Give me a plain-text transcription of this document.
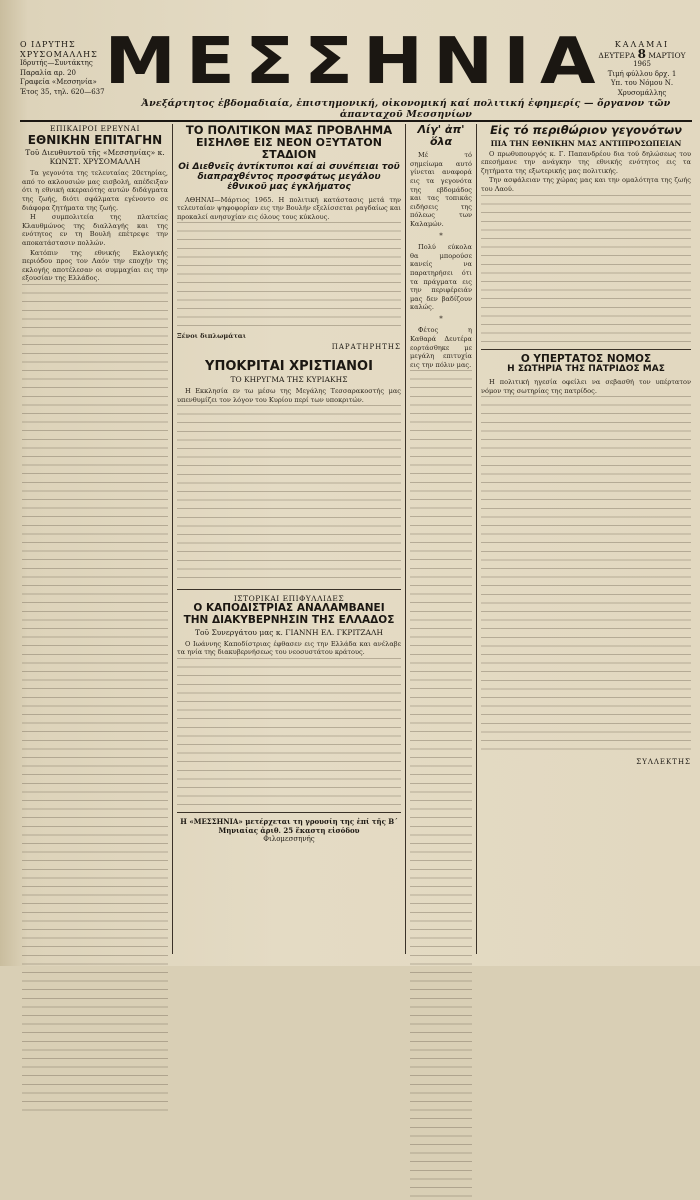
Ο ΙΔΡΥΤΗΣ
ΧΡΥΣΟΜΑΛΛΗΣ
Ιδρυτής—Συντάκτης
Παραλία αρ. 20
Γραφεία «Μεσσηνία»
Έτος 35, τηλ. 620—637 ΜΕΣΣΗΝΙΑ	ΚΑΛΑΜΑΙ
ΔΕΥΤΕΡΑ 8 ΜΑΡΤΙΟΥ
1965
Τιμή φύλλου δρχ. 1
Υπ. του Νόμου Ν. Χρυσομάλλης
Ἀνεξάρτητος ἑβδομαδιαία, ἐπιστημονική, οἰκονομική καί πολιτική ἐφημερίς — ὄργανον τῶν ἁπανταχοῦ Μεσσηνίων
ΕΠΙΚΑΙΡΟΙ ΕΡΕΥΝΑΙ
ΕΘΝΙΚΗΝ ΕΠΙΤΑΓΗΝ
Τοῦ Διευθυντοῦ τῆς «Μεσσηνίας» κ. ΚΩΝΣΤ. ΧΡΥΣΟΜΑΛΛΗ

Τα γεγονότα της τελευταίας 20ετηρίας, από το ακλουσιών μας εισβολή, απέδειξαν ότι η εθνική ακεραιότης αυτών διδάγματα της ζωής, διότι σφάλματα εγένοντο σε διάφορα ζητήματα της ζωής.

Η συμπολιτεία της πλατείας Κλαυθμώνος της διαλλαγής και της ενότητος εν τη Βουλή επέτρεψε την αποκατάστασιν πολλών.

Κατόπιν της εθνικής Εκλογικής περιόδου προς τον Λαόν την εποχήν της εκλογής αποτέλεσαν οι συμμαχίαι εις την εξουσίαν της Ελλάδος.

ΤΟ ΠΟΛΙΤΙΚΟΝ ΜΑΣ ΠΡΟΒΛΗΜΑ
ΕΙΣΗΛΘΕ ΕΙΣ ΝΕΟΝ ΟΞΥΤΑΤΟΝ ΣΤΑΔΙΟΝ
Οἱ Διεθνεῖς ἀντίκτυποι καί αἱ συνέπειαι τοῦ διαπραχθέντος προσφάτως μεγάλου ἐθνικοῦ μας ἐγκλήματος

ΑΘΗΝΑΙ—Μάρτιος 1965. Η πολιτική κατάστασις μετά την τελευταίαν ψηφοφορίαν εις την Βουλήν εξελίσσεται ραγδαίως και προκαλεί ανησυχίαν εις όλους τους κύκλους.

Ξένοι διπλωμάται
ΠΑΡΑΤΗΡΗΤΗΣ
ΥΠΟΚΡΙΤΑΙ ΧΡΙΣΤΙΑΝΟΙ
ΤΟ ΚΗΡΥΓΜΑ ΤΗΣ ΚΥΡΙΑΚΗΣ

Η Εκκλησία εν τω μέσω της Μεγάλης Τεσσαρακοστής μας υπενθυμίζει τον λόγον του Κυρίου περί των υποκριτών.

ΙΣΤΟΡΙΚΑΙ ΕΠΙΦΥΛΛΙΔΕΣ
Ο ΚΑΠΟΔΙΣΤΡΙΑΣ ΑΝΑΛΑΜΒΑΝΕΙ
ΤΗΝ ΔΙΑΚΥΒΕΡΝΗΣΙΝ ΤΗΣ ΕΛΛΑΔΟΣ
Τοῦ Συνεργάτου μας κ. ΓΙΑΝΝΗ ΕΛ. ΓΚΡΙΤΖΑΛΗ

Ο Ιωάννης Καποδίστριας έφθασεν εις την Ελλάδα και ανέλαβε τα ηνία της διακυβερνήσεως του νεοσυστάτου κράτους.

Η «ΜΕΣΣΗΝΙΑ» μετέρχεται τη γρουσίη της ἐπί τῆς Β΄ Μηνιαίας ἀριθ. 25 ἕκαστη εἰσόδου
Φιλομεσσηνής
Λίγ' ἀπ' ὅλα

Μέ τό σημείωμα αυτό γίνεται αναφορά εις τα γεγονότα της εβδομάδος και τας τοπικάς ειδήσεις της πόλεως των Καλαμών.

*

Πολύ εύκολα θα μπορούσε κανείς να παρατηρήσει ότι τα πράγματα εις την περιφέρειάν μας δεν βαδίζουν καλώς.

*

Φέτος η Καθαρά Δευτέρα εορτάσθηκε με μεγάλη επιτυχία εις την πόλιν μας.

Εἰς τό περιθώριον γεγονότων
ΠΙΑ ΤΗΝ ΕΘΝΙΚΗΝ ΜΑΣ ΑΝΤΙΠΡΟΣΩΠΕΙΑΝ

Ο πρωθυπουργός κ. Γ. Παπανδρέου δια τού δηλώσεως του επεσήμανε την ανάγκην της εθνικής ενότητος εις τα ζητήματα της εξωτερικής μας πολιτικής.

Την ασφάλειαν της χώρας μας και την ομαλότητα της ζωής του Λαού.

Ο ΥΠΕΡΤΑΤΟΣ ΝΟΜΟΣ
Η ΣΩΤΗΡΙΑ ΤΗΣ ΠΑΤΡΙΔΟΣ ΜΑΣ

Η πολιτική ηγεσία οφείλει να σεβασθή τον υπέρτατον νόμον της σωτηρίας της πατρίδος.

ΣΥΛΛΕΚΤΗΣ
